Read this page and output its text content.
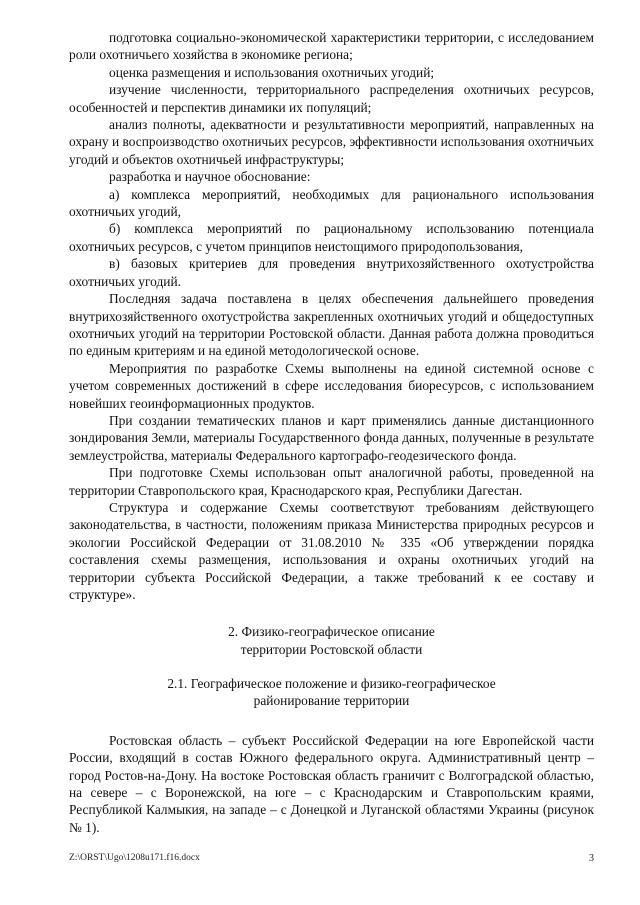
подготовка социально-экономической характеристики территории, с исследованием роли охотничьего хозяйства в экономике региона;

оценка размещения и использования охотничьих угодий;

изучение численности, территориального распределения охотничьих ресурсов, особенностей и перспектив динамики их популяций;

анализ полноты, адекватности и результативности мероприятий, направленных на охрану и воспроизводство охотничьих ресурсов, эффективности использования охотничьих угодий и объектов охотничьей инфраструктуры;

разработка и научное обоснование:

а) комплекса мероприятий, необходимых для рационального использования охотничьих угодий,

б) комплекса мероприятий по рациональному использованию потенциала охотничьих ресурсов, с учетом принципов неистощимого природопользования,

в) базовых критериев для проведения внутрихозяйственного охотустройства охотничьих угодий.

Последняя задача поставлена в целях обеспечения дальнейшего проведения внутрихозяйственного охотустройства закрепленных охотничьих угодий и общедоступных охотничьих угодий на территории Ростовской области. Данная работа должна проводиться по единым критериям и на единой методологической основе.

Мероприятия по разработке Схемы выполнены на единой системной основе с учетом современных достижений в сфере исследования биоресурсов, с использованием новейших геоинформационных продуктов.

При создании тематических планов и карт применялись данные дистанционного зондирования Земли, материалы Государственного фонда данных, полученные в результате землеустройства, материалы Федерального картографо-геодезического фонда.

При подготовке Схемы использован опыт аналогичной работы, проведенной на территории Ставропольского края, Краснодарского края, Республики Дагестан.

Структура и содержание Схемы соответствуют требованиям действующего законодательства, в частности, положениям приказа Министерства природных ресурсов и экологии Российской Федерации от 31.08.2010 № 335 «Об утверждении порядка составления схемы размещения, использования и охраны охотничьих угодий на территории субъекта Российской Федерации, а также требований к ее составу и структуре».

2. Физико-географическое описание

территории Ростовской области

2.1. Географическое положение и физико-географическое

районирование территории

Ростовская область – субъект Российской Федерации на юге Европейской части России, входящий в состав Южного федерального округа. Административный центр – город Ростов-на-Дону. На востоке Ростовская область граничит с Волгоградской областью, на севере – с Воронежской, на юге – с Краснодарским и Ставропольским краями, Республикой Калмыкия, на западе – с Донецкой и Луганской областями Украины (рисунок № 1).

Z:\ORST\Ugo\1208u171.f16.docx	3
